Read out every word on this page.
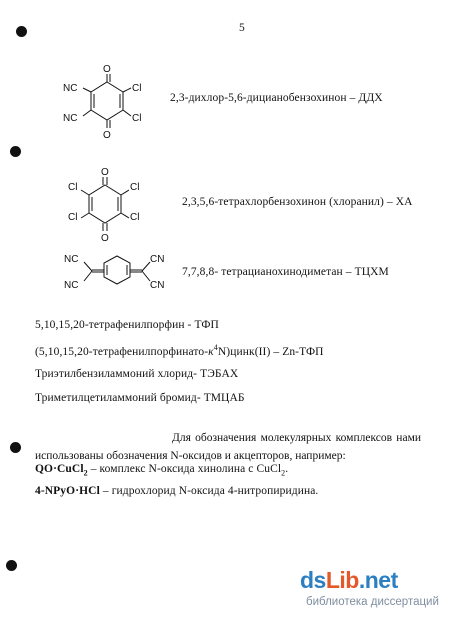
5
O
O
NC
NC
Cl
Cl
2,3-дихлор-5,6-дицианобензохинон – ДДХ
O
O
Cl
Cl
Cl
Cl
2,3,5,6-тетрахлорбензохинон (хлоранил) – ХА
NC
NC
CN
CN
7,7,8,8- тетрацианохинодиметан – ТЦХМ
5,10,15,20-тетрафенилпорфин - ТФП
$(5,10,15,20-тетрафенилпорфинато-\kappa^4N)цинк(II) - Zn-ТФП$
Триэтилбензиламмоний хлорид- ТЭБАХ
Триметилцетиламмоний бромид- ТМЦАБ
Для обозначения молекулярных комплексов нами использованы обозначения N-оксидов и акцепторов, например:
QO·CuCl$_2$ – комплекс N-оксида хинолина с CuCl$_2$.
4-NPyO·HCl – гидрохлорид N-оксида 4-нитропиридина.
ds Lib .net
библиотека диссертаций
